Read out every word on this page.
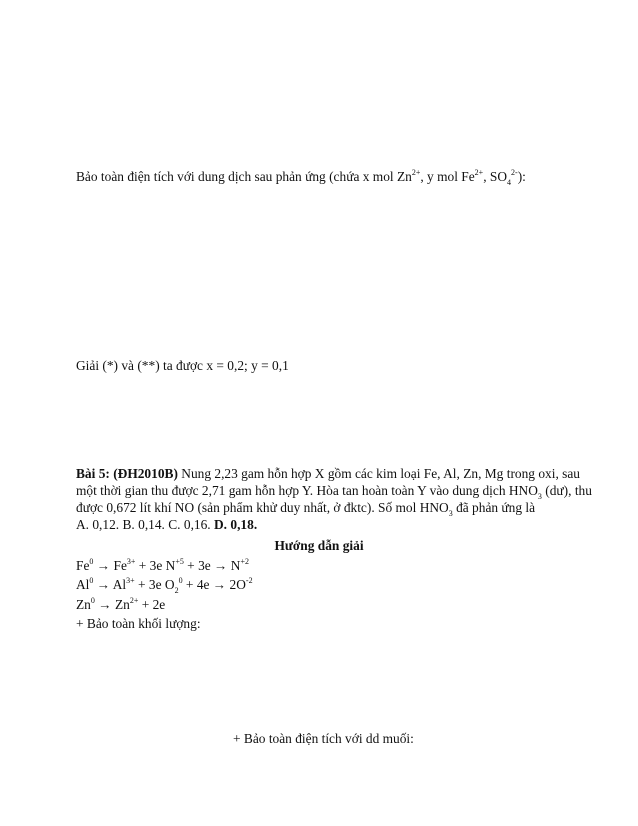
Bảo toàn điện tích với dung dịch sau phản ứng (chứa x mol $Zn^{2+}$, y mol $Fe^{2+}$, $SO_4^{2-}$):
Giải (*) và (**) ta được x = 0,2; y = 0,1
Bài 5: (ĐH2010B) Nung 2,23 gam hỗn hợp X gồm các kim loại Fe, Al, Zn, Mg trong oxi, sau
một thời gian thu được 2,71 gam hỗn hợp Y. Hòa tan hoàn toàn Y vào dung dịch $HNO_3$ (dư), thu
được 0,672 lít khí NO (sản phẩm khử duy nhất, ở đktc). Số mol $HNO_3$ đã phản ứng là
A. 0,12. B. 0,14. C. 0,16. D. 0,18.
Hướng dẫn giải
$Fe^0 \to Fe^{3+} + 3e$ $N^{+5} + 3e \to N^{+2}$
$Al^0 \to Al^{3+} + 3e$ $O_2^0 + 4e \to 2O^{-2}$
$Zn^0 \to Zn^{2+} + 2e$
+ Bảo toàn khối lượng:
+ Bảo toàn điện tích với dd muối:
